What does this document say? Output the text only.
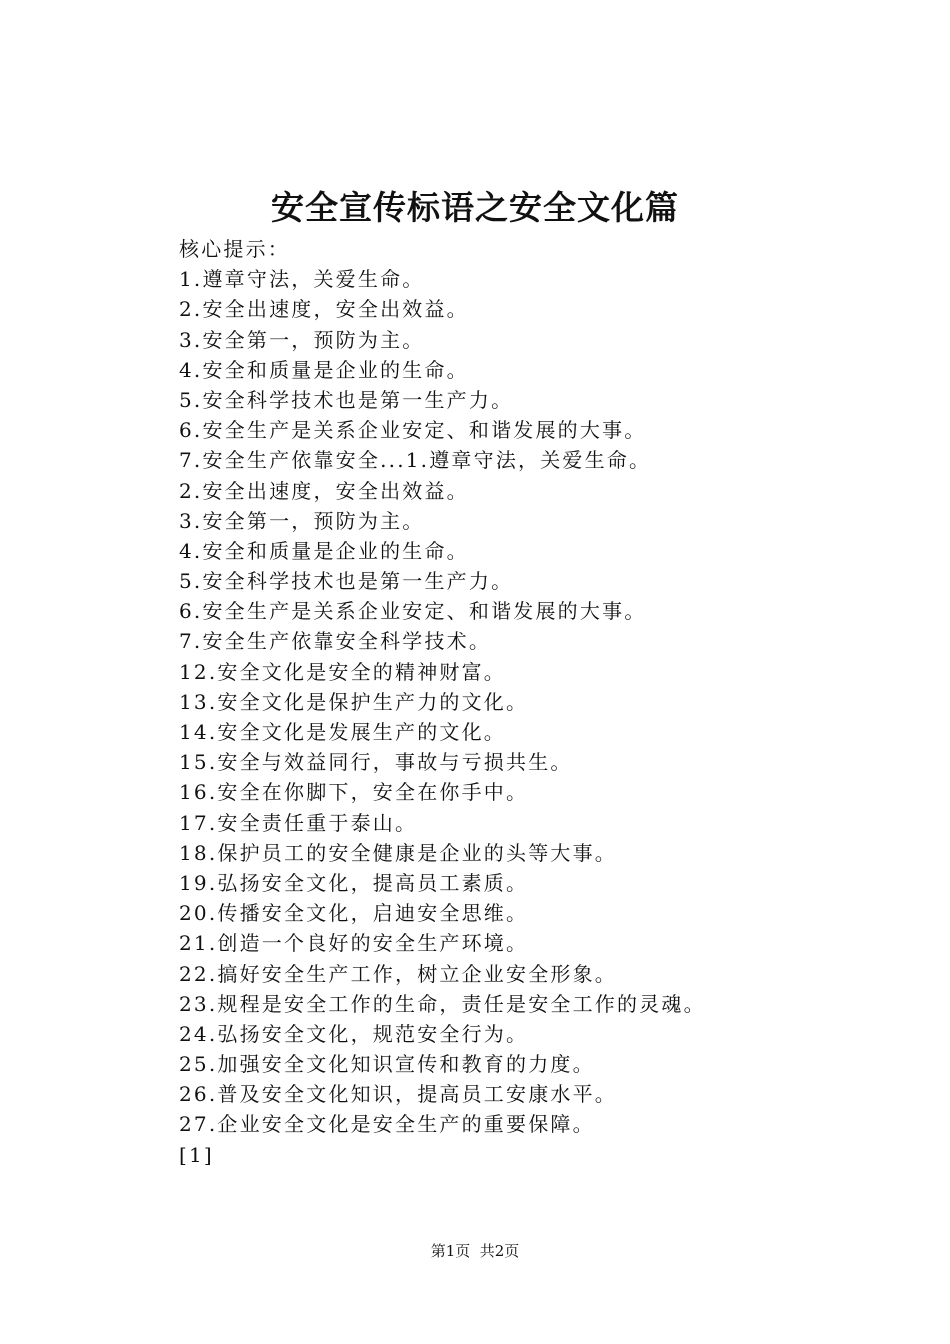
安全宣传标语之安全文化篇
核心提示：
1.遵章守法，关爱生命。
2.安全出速度，安全出效益。
3.安全第一，预防为主。
4.安全和质量是企业的生命。
5.安全科学技术也是第一生产力。
6.安全生产是关系企业安定、和谐发展的大事。
7.安全生产依靠安全...1.遵章守法，关爱生命。
2.安全出速度，安全出效益。
3.安全第一，预防为主。
4.安全和质量是企业的生命。
5.安全科学技术也是第一生产力。
6.安全生产是关系企业安定、和谐发展的大事。
7.安全生产依靠安全科学技术。
12.安全文化是安全的精神财富。
13.安全文化是保护生产力的文化。
14.安全文化是发展生产的文化。
15.安全与效益同行，事故与亏损共生。
16.安全在你脚下，安全在你手中。
17.安全责任重于泰山。
18.保护员工的安全健康是企业的头等大事。
19.弘扬安全文化，提高员工素质。
20.传播安全文化，启迪安全思维。
21.创造一个良好的安全生产环境。
22.搞好安全生产工作，树立企业安全形象。
23.规程是安全工作的生命，责任是安全工作的灵魂。
24.弘扬安全文化，规范安全行为。
25.加强安全文化知识宣传和教育的力度。
26.普及安全文化知识，提高员工安康水平。
27.企业安全文化是安全生产的重要保障。
[1]
第1页  共2页
